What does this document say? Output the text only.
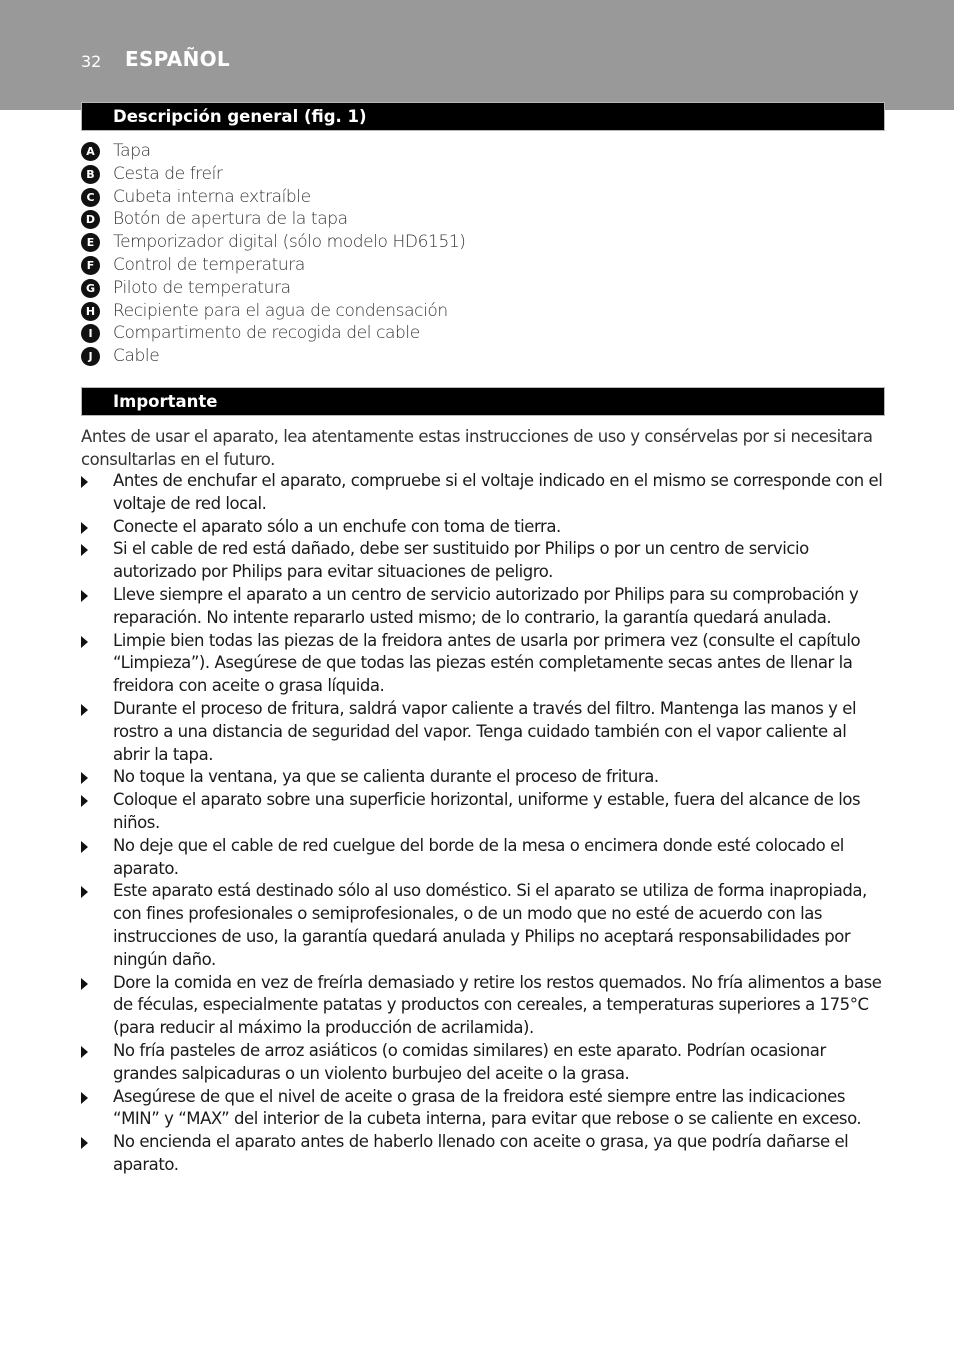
32 ESPAÑOL
Descripción general (fig. 1)
A	Tapa
B	Cesta de freír
C	Cubeta interna extraíble
D Botón de apertura de la tapa
E	Temporizador digital (sólo modelo HD6151)
F	Control de temperatura
G Piloto de temperatura
H Recipiente para el agua de condensación
I	Compartimento de recogida del cable
J	Cable
Importante

Antes de usar el aparato, lea atentamente estas instrucciones de uso y consérvelas por si necesitara consultarlas en el futuro.

Antes de enchufar el aparato, compruebe si el voltaje indicado en el mismo se corresponde con el voltaje de red local.
Conecte el aparato sólo a un enchufe con toma de tierra.
Si el cable de red está dañado, debe ser sustituido por Philips o por un centro de servicio autorizado por Philips para evitar situaciones de peligro.
Lleve siempre el aparato a un centro de servicio autorizado por Philips para su comprobación y reparación. No intente repararlo usted mismo; de lo contrario, la garantía quedará anulada.
Limpie bien todas las piezas de la freidora antes de usarla por primera vez (consulte el capítulo “Limpieza”). Asegúrese de que todas las piezas estén completamente secas antes de llenar la freidora con aceite o grasa líquida.
Durante el proceso de fritura, saldrá vapor caliente a través del filtro. Mantenga las manos y el rostro a una distancia de seguridad del vapor. Tenga cuidado también con el vapor caliente al abrir la tapa.
No toque la ventana, ya que se calienta durante el proceso de fritura.
Coloque el aparato sobre una superficie horizontal, uniforme y estable, fuera del alcance de los niños.
No deje que el cable de red cuelgue del borde de la mesa o encimera donde esté colocado el aparato.
Este aparato está destinado sólo al uso doméstico. Si el aparato se utiliza de forma inapropiada, con fines profesionales o semiprofesionales, o de un modo que no esté de acuerdo con las instrucciones de uso, la garantía quedará anulada y Philips no aceptará responsabilidades por ningún daño.
Dore la comida en vez de freírla demasiado y retire los restos quemados. No fría alimentos a base de féculas, especialmente patatas y productos con cereales, a temperaturas superiores a 175°C (para reducir al máximo la producción de acrilamida).
No fría pasteles de arroz asiáticos (o comidas similares) en este aparato. Podrían ocasionar grandes salpicaduras o un violento burbujeo del aceite o la grasa.
Asegúrese de que el nivel de aceite o grasa de la freidora esté siempre entre las indicaciones “MIN” y “MAX” del interior de la cubeta interna, para evitar que rebose o se caliente en exceso.
No encienda el aparato antes de haberlo llenado con aceite o grasa, ya que podría dañarse el aparato.
